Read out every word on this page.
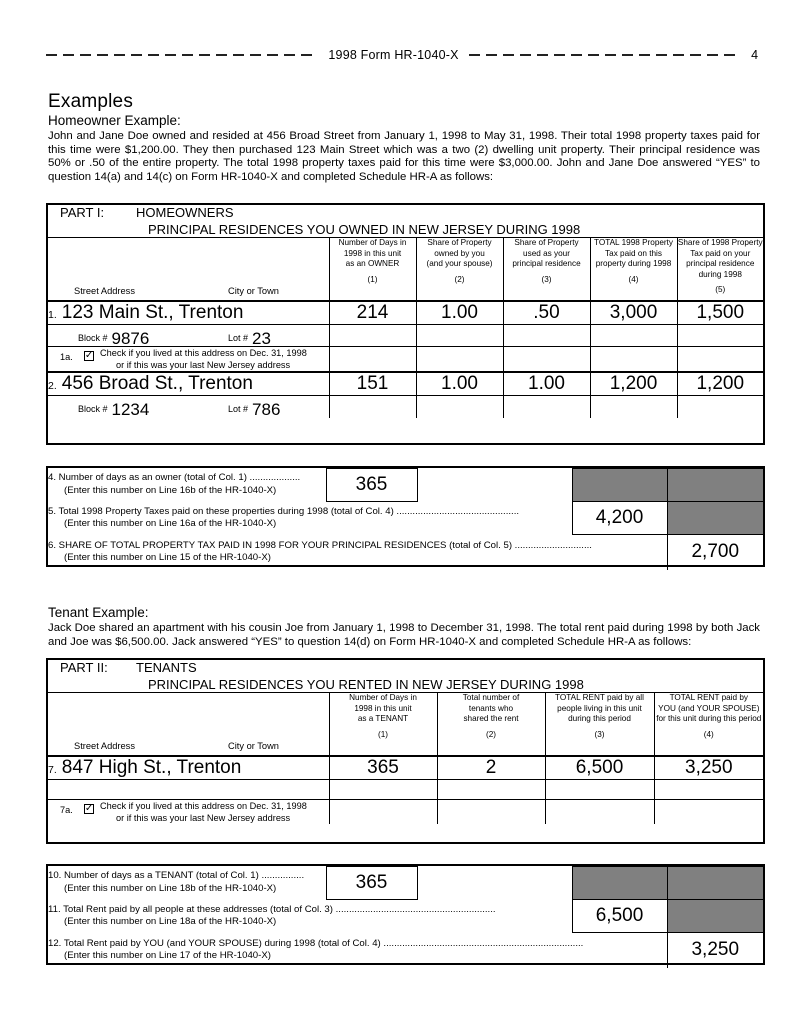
1998 Form HR-1040-X	4
Examples
Homeowner Example:

John and Jane Doe owned and resided at 456 Broad Street from January 1, 1998 to May 31, 1998. Their total 1998 property taxes paid for this time were $1,200.00. They then purchased 123 Main Street which was a two (2) dwelling unit property. Their principal residence was 50% or .50 of the entire property. The total 1998 property taxes paid for this time were $3,000.00. John and Jane Doe answered “YES” to question 14(a) and 14(c) on Form HR-1040-X and completed Schedule HR-A as follows:

PART I: HOMEOWNERS
PRINCIPAL RESIDENCES YOU OWNED IN NEW JERSEY DURING 1998					

Street Address	City or Town

Number of Days in
1998 in this unit
as an OWNER
(1)

Share of Property
owned by you
(and your spouse)
(2)

Share of Property
used as your
principal residence
(3)

TOTAL 1998 Property
Tax paid on this
property during 1998
(4)

Share of 1998 Property
Tax paid on your
principal residence
during 1998
(5)

1. 123 Main St., Trenton	214	1.00	.50	3,000	1,500

Block # 9876 Lot # 23					

1a. ✓ Check if you lived at this address on Dec. 31, 1998
or if this was your last New Jersey address					

2. 456 Broad St., Trenton	151	1.00	1.00	1,200	1,200

Block # 1234 Lot # 786					

4. Number of days as an owner (total of Col. 1) ...................
(Enter this number on Line 16b of the HR-1040-X)	365			

5. Total 1998 Property Taxes paid on these properties during 1998 (total of Col. 4) ..............................................
(Enter this number on Line 16a of the HR-1040-X)			4,200	

6. SHARE OF TOTAL PROPERTY TAX PAID IN 1998 FOR YOUR PRINCIPAL RESIDENCES (total of Col. 5) .............................
(Enter this number on Line 15 of the HR-1040-X)				2,700
Tenant Example:

Jack Doe shared an apartment with his cousin Joe from January 1, 1998 to December 31, 1998. The total rent paid during 1998 by both Jack and Joe was $6,500.00. Jack answered “YES” to question 14(d) on Form HR-1040-X and completed Schedule HR-A as follows:

PART II: TENANTS
PRINCIPAL RESIDENCES YOU RENTED IN NEW JERSEY DURING 1998				

Street Address	City or Town

Number of Days in
1998 in this unit
as a TENANT
(1)

Total number of
tenants who
shared the rent
(2)

TOTAL RENT paid by all
people living in this unit
during this period
(3)

TOTAL RENT paid by
YOU (and YOUR SPOUSE)
for this unit during this period
(4)

7. 847 High St., Trenton	365	2	6,500	3,250

7a. ✓ Check if you lived at this address on Dec. 31, 1998
or if this was your last New Jersey address				

10. Number of days as a TENANT (total of Col. 1) ................
(Enter this number on Line 18b of the HR-1040-X)	365			

11. Total Rent paid by all people at these addresses (total of Col. 3) ............................................................
(Enter this number on Line 18a of the HR-1040-X)			6,500	

12. Total Rent paid by YOU (and YOUR SPOUSE) during 1998 (total of Col. 4) ...........................................................................
(Enter this number on Line 17 of the HR-1040-X)				3,250
